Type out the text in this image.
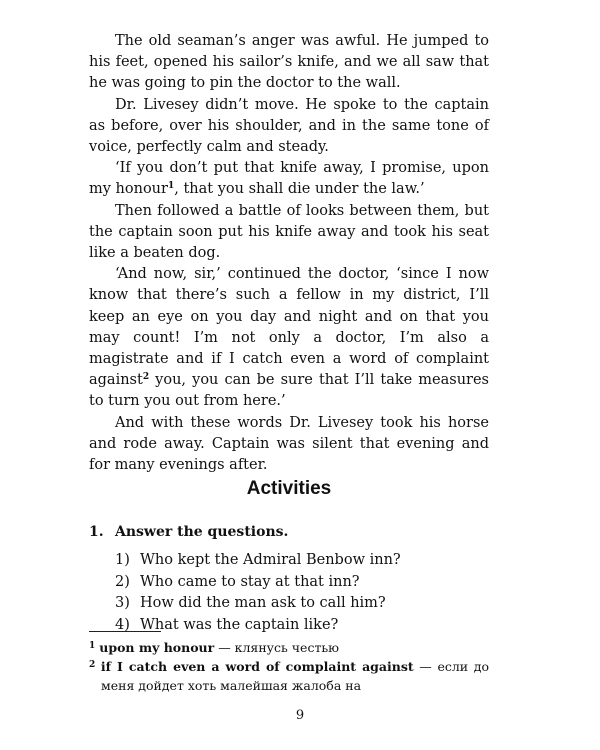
The old seaman’s anger was awful. He jumped to his feet, opened his sailor’s knife, and we all saw that he was going to pin the doctor to the wall.

Dr. Livesey didn’t move. He spoke to the captain as before, over his shoulder, and in the same tone of voice, perfectly calm and steady.

‘If you don’t put that knife away, I promise, upon my honour$^1$, that you shall die under the law.’

Then followed a battle of looks between them, but the captain soon put his knife away and took his seat like a beaten dog.

‘And now, sir,’ continued the doctor, ‘since I now know that there’s such a fellow in my district, I’ll keep an eye on you day and night and on that you may count! I’m not only a doctor, I’m also a magistrate and if I catch even a word of complaint against$^2$ you, you can be sure that I’ll take measures to turn you out from here.’

And with these words Dr. Livesey took his horse and rode away. Captain was silent that evening and for many evenings after.

Activities

1. Answer the questions.

1) Who kept the Admiral Benbow inn?
2) Who came to stay at that inn?
3) How did the man ask to call him?
4) What was the captain like?

$^1$ upon my honour — клянусь честью

$^2$ if I catch even a word of complaint against — если до меня дойдет хоть малейшая жалоба на

9
